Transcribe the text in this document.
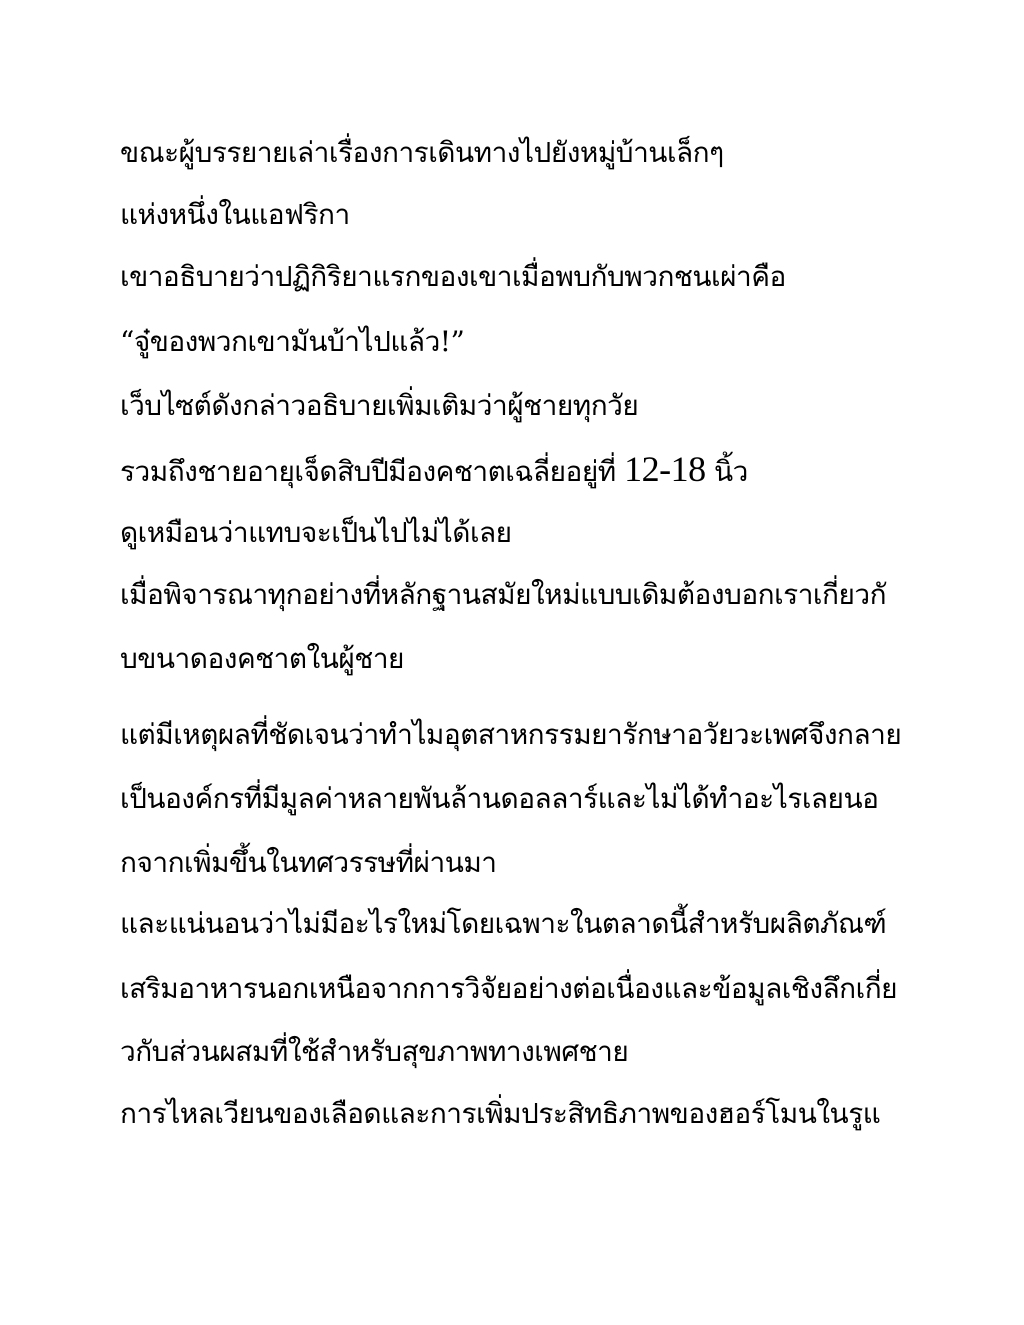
ขณะผู้บรรยายเล่าเรื่องการเดินทางไปยังหมู่บ้านเล็กๆ
แห่งหนึ่งในแอฟริกา
เขาอธิบายว่าปฏิกิริยาแรกของเขาเมื่อพบกับพวกชนเผ่าคือ
“จู๋ของพวกเขามันบ้าไปแล้ว!”
เว็บไซต์ดังกล่าวอธิบายเพิ่มเติมว่าผู้ชายทุกวัย
รวมถึงชายอายุเจ็ดสิบปีมีองคชาตเฉลี่ยอยู่ที่ 12-18 นิ้ว
ดูเหมือนว่าแทบจะเป็นไปไม่ได้เลย
เมื่อพิจารณาทุกอย่างที่หลักฐานสมัยใหม่แบบเดิมต้องบอกเราเกี่ยวกั
บขนาดองคชาตในผู้ชาย
แต่มีเหตุผลที่ชัดเจนว่าทำไมอุตสาหกรรมยารักษาอวัยวะเพศจึงกลาย
เป็นองค์กรที่มีมูลค่าหลายพันล้านดอลลาร์และไม่ได้ทำอะไรเลยนอ
กจากเพิ่มขึ้นในทศวรรษที่ผ่านมา
และแน่นอนว่าไม่มีอะไรใหม่โดยเฉพาะในตลาดนี้สำหรับผลิตภัณฑ์
เสริมอาหารนอกเหนือจากการวิจัยอย่างต่อเนื่องและข้อมูลเชิงลึกเกี่ย
วกับส่วนผสมที่ใช้สำหรับสุขภาพทางเพศชาย
การไหลเวียนของเลือดและการเพิ่มประสิทธิภาพของฮอร์โมนในรูแ
